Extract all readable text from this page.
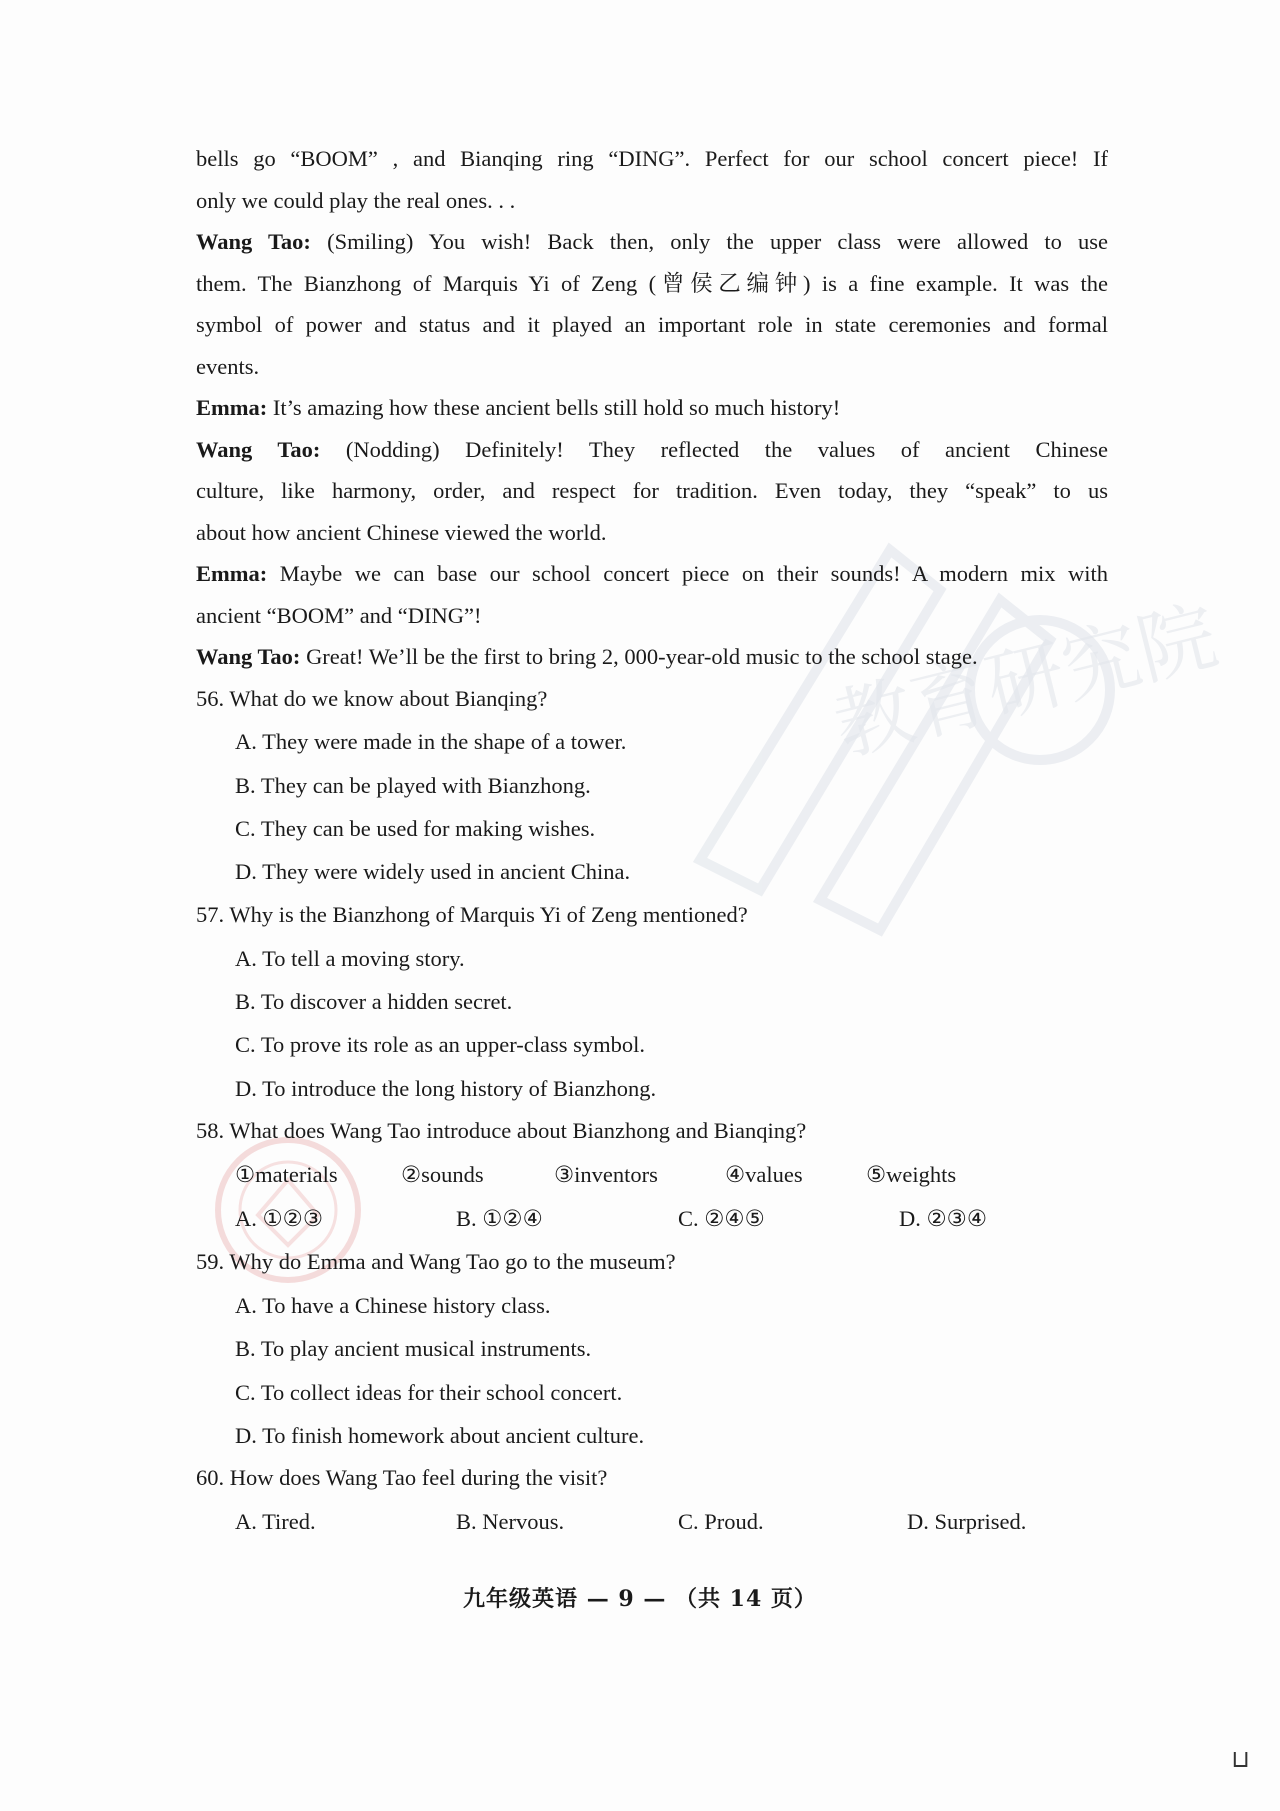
教育研究院
bells go “BOOM” , and Bianqing ring “DING”. Perfect for our school concert piece! If
only we could play the real ones. . .
Wang Tao: (Smiling) You wish! Back then, only the upper class were allowed to use
them. The Bianzhong of Marquis Yi of Zeng (曾侯乙编钟) is a fine example. It was the
symbol of power and status and it played an important role in state ceremonies and formal
events.
Emma: It’s amazing how these ancient bells still hold so much history!
Wang Tao: (Nodding) Definitely! They reflected the values of ancient Chinese
culture, like harmony, order, and respect for tradition. Even today, they “speak” to us
about how ancient Chinese viewed the world.
Emma: Maybe we can base our school concert piece on their sounds! A modern mix with
ancient “BOOM” and “DING”!
Wang Tao: Great! We’ll be the first to bring 2, 000-year-old music to the school stage.
56. What do we know about Bianqing?
A. They were made in the shape of a tower.
B. They can be played with Bianzhong.
C. They can be used for making wishes.
D. They were widely used in ancient China.
57. Why is the Bianzhong of Marquis Yi of Zeng mentioned?
A. To tell a moving story.
B. To discover a hidden secret.
C. To prove its role as an upper-class symbol.
D. To introduce the long history of Bianzhong.
58. What does Wang Tao introduce about Bianzhong and Bianqing?
①materials	②sounds	③inventors	④values	⑤weights
A. ①②③	B. ①②④	C. ②④⑤	D. ②③④
59. Why do Emma and Wang Tao go to the museum?
A. To have a Chinese history class.
B. To play ancient musical instruments.
C. To collect ideas for their school concert.
D. To finish homework about ancient culture.
60. How does Wang Tao feel during the visit?
A. Tired.	B. Nervous.	C. Proud.	D. Surprised.
九年级英语 — 9 — （共 14 页）
⊔
